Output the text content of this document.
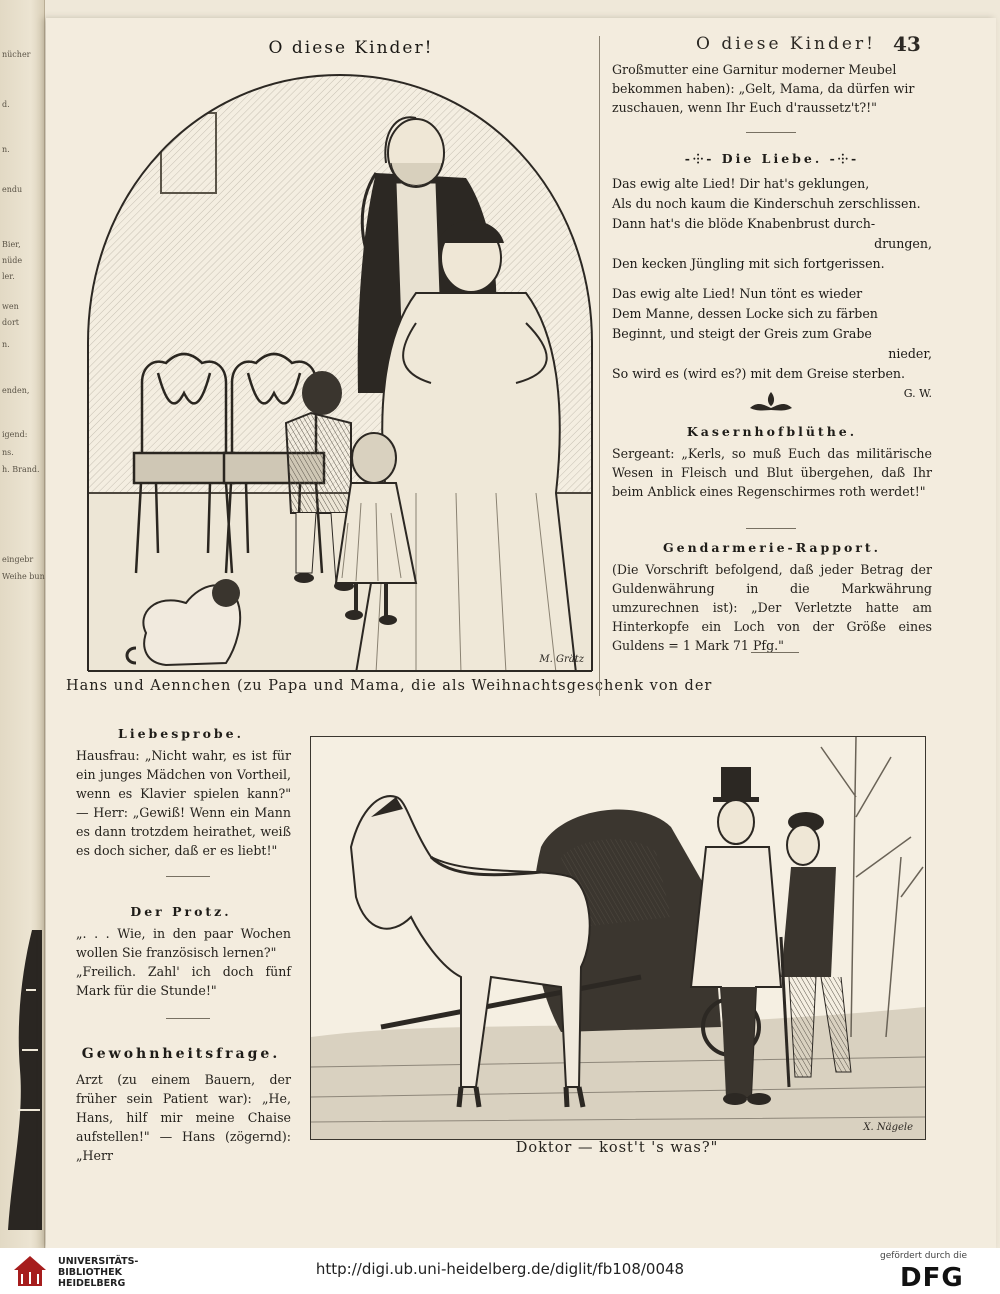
nücher
d.
n.
endu
Bier,
nüde
ler.
wen
dort
n.
enden,
igend:
ns.
h. Brand.
eingebr
Weihe bun
O diese Kinder!
M. Grätz
Hans und Aennchen (zu Papa und Mama, die als Weihnachtsgeschenk von der
O diese Kinder! 43

Großmutter eine Garnitur moderner Meubel

bekommen haben): „Gelt, Mama, da dürfen wir

zuschauen, wenn Ihr Euch d'raussetz't?!"

-⸭- Die Liebe. -⸭-

Das ewig alte Lied! Dir hat's geklungen,

Als du noch kaum die Kinderschuh zerschlissen.

Dann hat's die blöde Knabenbrust durch-

drungen,

Den kecken Jüngling mit sich fortgerissen.

Das ewig alte Lied! Nun tönt es wieder

Dem Manne, dessen Locke sich zu färben

Beginnt, und steigt der Greis zum Grabe

nieder,

So wird es (wird es?) mit dem Greise sterben.

G. W.

Kasernhofblüthe.

Sergeant: „Kerls, so muß Euch das militärische Wesen in Fleisch und Blut übergehen, daß Ihr beim Anblick eines Regenschirmes roth werdet!"

Gendarmerie-Rapport.

(Die Vorschrift befolgend, daß jeder Betrag der Guldenwährung in die Markwährung umzurechnen ist): „Der Verletzte hatte am Hinterkopfe ein Loch von der Größe eines Guldens = 1 Mark 71 Pfg."

Liebesprobe.

Hausfrau: „Nicht wahr, es ist für ein junges Mädchen von Vortheil, wenn es Klavier spielen kann?" — Herr: „Gewiß! Wenn ein Mann es dann trotzdem heirathet, weiß es doch sicher, daß er es liebt!"

Der Protz.

„. . . Wie, in den paar Wochen wollen Sie französisch lernen?"

„Freilich. Zahl' ich doch fünf Mark für die Stunde!"

Gewohnheitsfrage.

Arzt (zu einem Bauern, der früher sein Patient war): „He, Hans, hilf mir meine Chaise aufstellen!" — Hans (zögernd): „Herr

X. Nägele
Doktor — kost't 's was?"
UNIVERSITÄTS-
BIBLIOTHEK
HEIDELBERG
http://digi.ub.uni-heidelberg.de/diglit/fb108/0048
gefördert durch die
DFG
